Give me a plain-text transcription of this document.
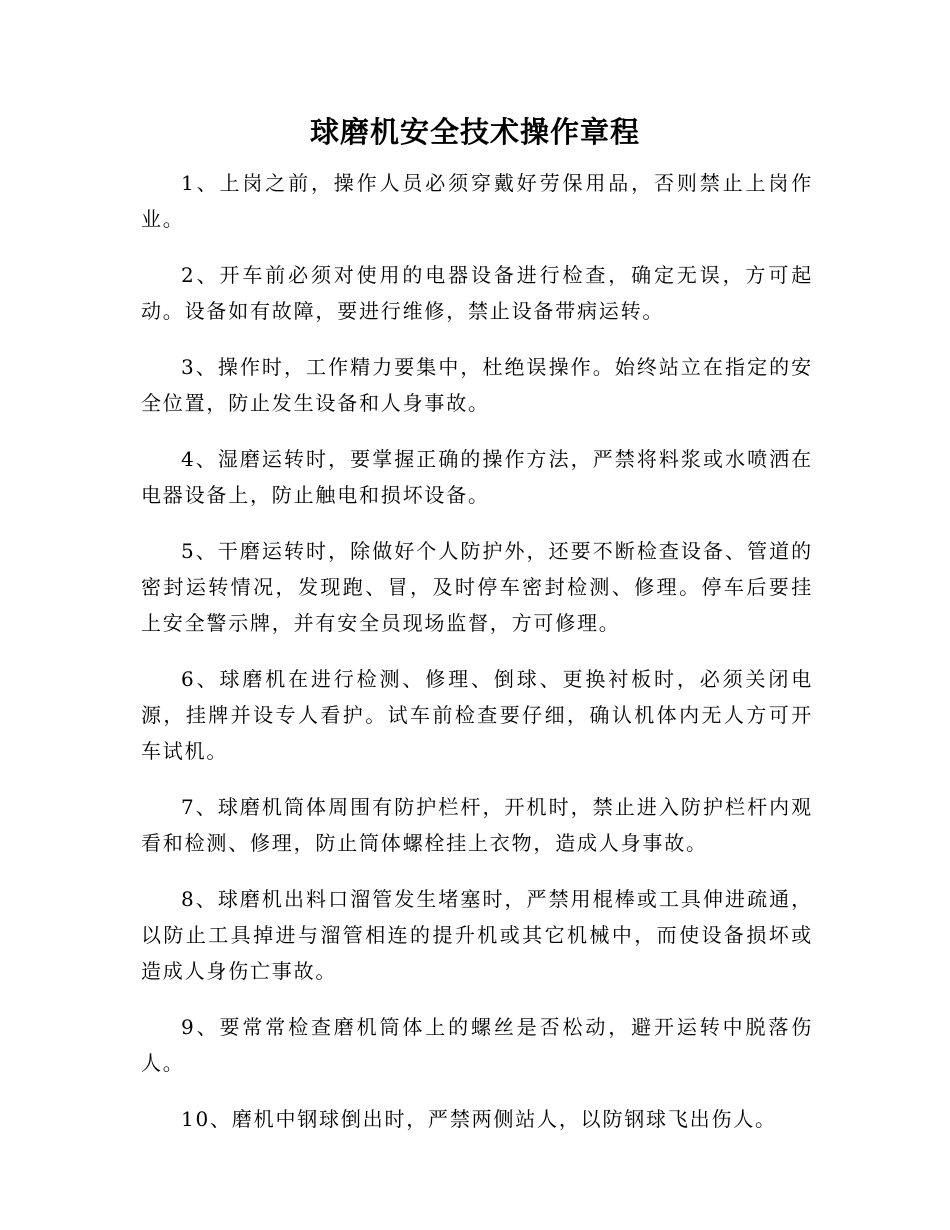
球磨机安全技术操作章程

1、上岗之前，操作人员必须穿戴好劳保用品，否则禁止上岗作业。

2、开车前必须对使用的电器设备进行检查，确定无误，方可起动。设备如有故障，要进行维修，禁止设备带病运转。

3、操作时，工作精力要集中，杜绝误操作。始终站立在指定的安全位置，防止发生设备和人身事故。

4、湿磨运转时，要掌握正确的操作方法，严禁将料浆或水喷洒在电器设备上，防止触电和损坏设备。

5、干磨运转时，除做好个人防护外，还要不断检查设备、管道的密封运转情况，发现跑、冒，及时停车密封检测、修理。停车后要挂上安全警示牌，并有安全员现场监督，方可修理。

6、球磨机在进行检测、修理、倒球、更换衬板时，必须关闭电源，挂牌并设专人看护。试车前检查要仔细，确认机体内无人方可开车试机。

7、球磨机筒体周围有防护栏杆，开机时，禁止进入防护栏杆内观看和检测、修理，防止筒体螺栓挂上衣物，造成人身事故。

8、球磨机出料口溜管发生堵塞时，严禁用棍棒或工具伸进疏通，以防止工具掉进与溜管相连的提升机或其它机械中，而使设备损坏或造成人身伤亡事故。

9、要常常检查磨机筒体上的螺丝是否松动，避开运转中脱落伤人。

10、磨机中钢球倒出时，严禁两侧站人，以防钢球飞出伤人。
